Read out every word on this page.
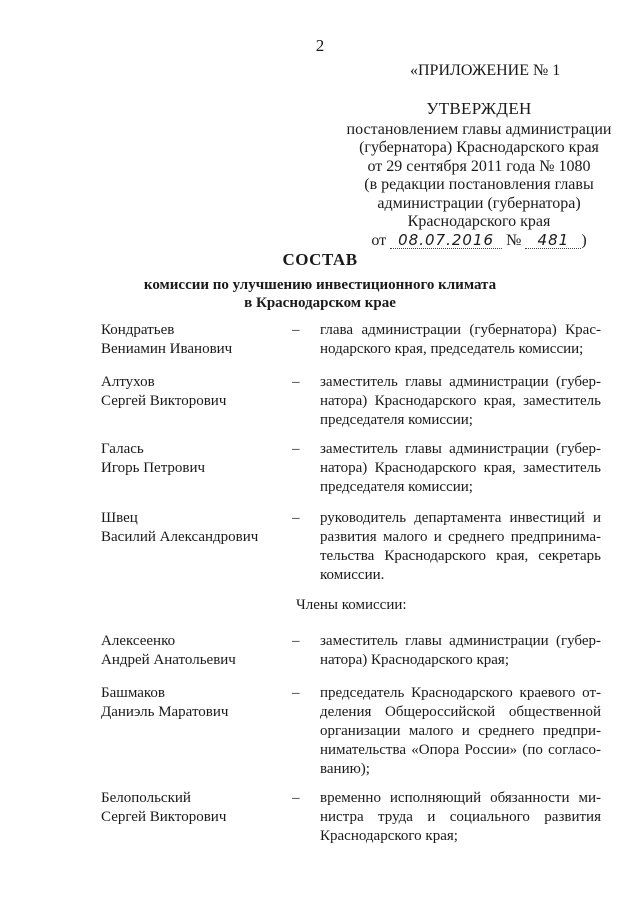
2
«ПРИЛОЖЕНИЕ № 1
УТВЕРЖДЕН
постановлением главы администрации
(губернатора) Краснодарского края
от 29 сентября 2011 года № 1080
(в редакции постановления главы
администрации (губернатора)
Краснодарского края
от 08.07.2016 № 481 )
СОСТАВ
комиссии по улучшению инвестиционного климата
в Краснодарском крае
Кондратьев
Вениамин Иванович
– глава администрации (губернатора) Крас-
нодарского края, председатель комиссии;
Алтухов
Сергей Викторович
– заместитель главы администрации (губер-
натора) Краснодарского края, заместитель
председателя комиссии;
Галась
Игорь Петрович
– заместитель главы администрации (губер-
натора) Краснодарского края, заместитель
председателя комиссии;
Швец
Василий Александрович
– руководитель департамента инвестиций и
развития малого и среднего предпринима-
тельства Краснодарского края, секретарь
комиссии.
Члены комиссии:
Алексеенко
Андрей Анатольевич
– заместитель главы администрации (губер-
натора) Краснодарского края;
Башмаков
Даниэль Маратович
– председатель Краснодарского краевого от-
деления Общероссийской общественной
организации малого и среднего предпри-
нимательства «Опора России» (по согласо-
ванию);
Белопольский
Сергей Викторович
– временно исполняющий обязанности ми-
нистра труда и социального развития
Краснодарского края;
